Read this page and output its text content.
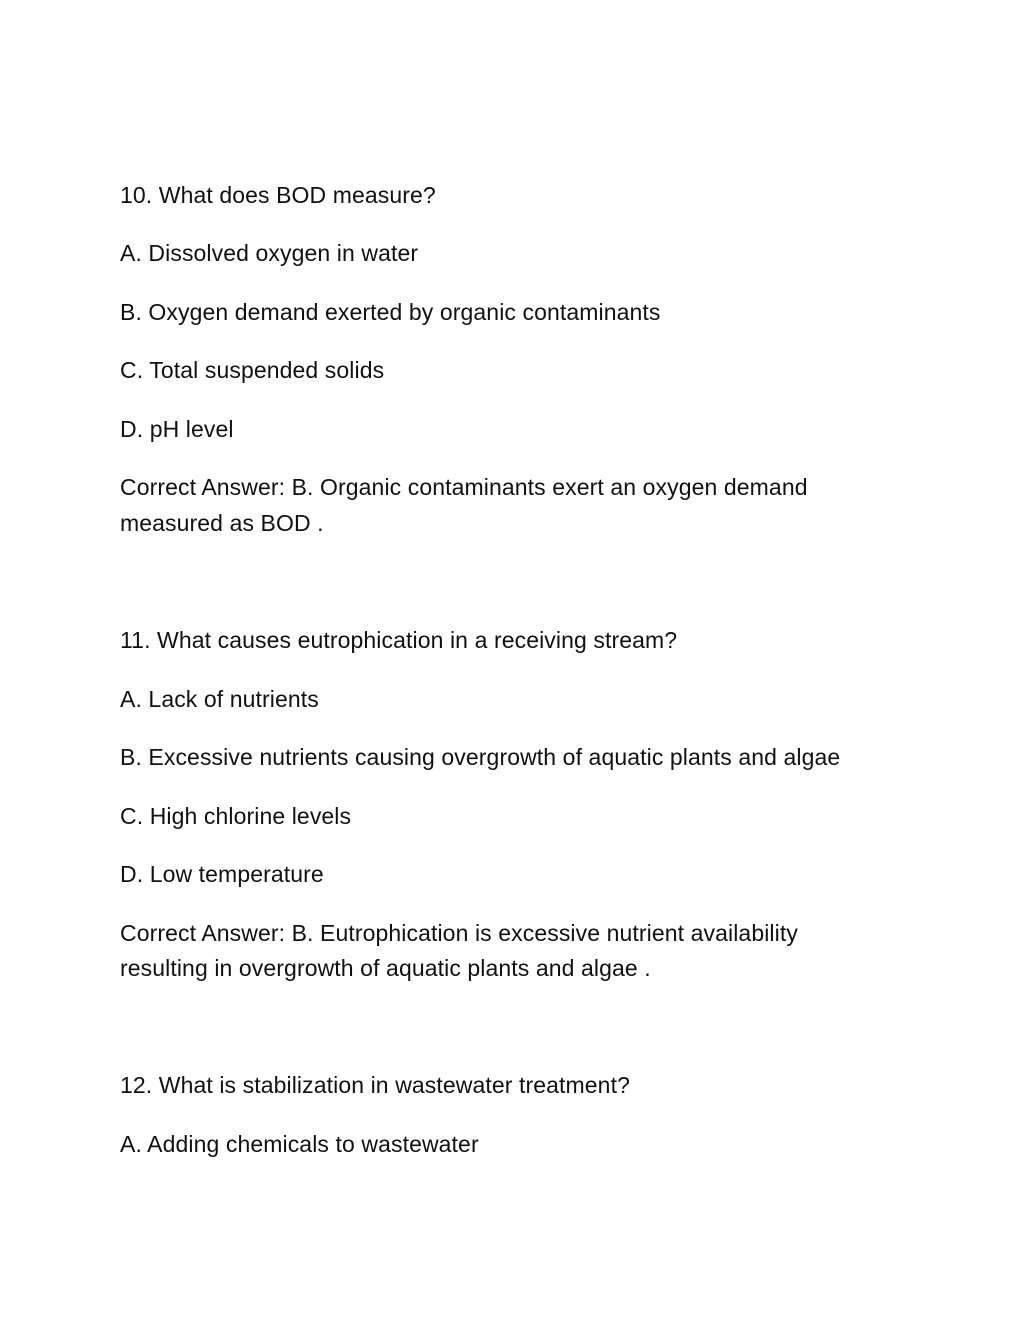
10. What does BOD measure?
A. Dissolved oxygen in water
B. Oxygen demand exerted by organic contaminants
C. Total suspended solids
D. pH level
Correct Answer: B. Organic contaminants exert an oxygen demand
measured as BOD .
11. What causes eutrophication in a receiving stream?
A. Lack of nutrients
B. Excessive nutrients causing overgrowth of aquatic plants and algae
C. High chlorine levels
D. Low temperature
Correct Answer: B. Eutrophication is excessive nutrient availability
resulting in overgrowth of aquatic plants and algae .
12. What is stabilization in wastewater treatment?
A. Adding chemicals to wastewater
